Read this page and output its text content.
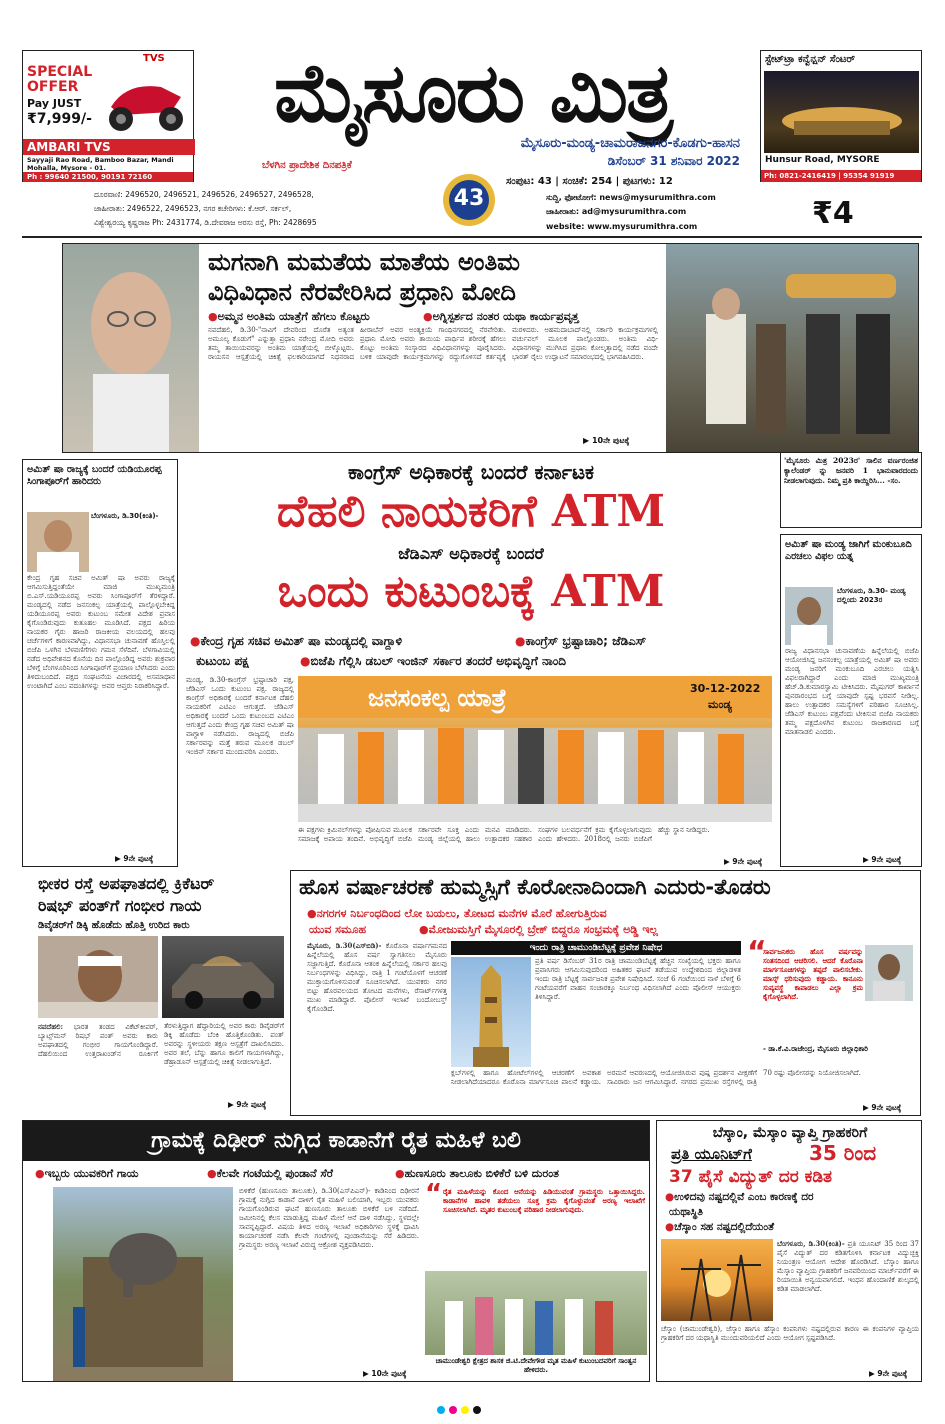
TVS
SPECIAL OFFER
Pay JUST
₹7,999/-
AMBARI TVS
Sayyaji Rao Road, Bamboo Bazar, Mandi Mohalla, Mysore - 01.
Ph : 99640 21500, 90191 72160
ಮೈಸೂರು ಮಿತ್ರ
ಮೈಸೂರು-ಮಂಡ್ಯ-ಚಾಮರಾಜನಗರ-ಕೊಡಗು-ಹಾಸನ
ಡಿಸೆಂಬರ್ 31 ಶನಿವಾರ 2022
ಬೆಳಗಿನ ಪ್ರಾದೇಶಿಕ ದಿನಪತ್ರಿಕೆ
43
ಸಂಪುಟ: 43 | ಸಂಚಿಕೆ: 254 | ಪುಟಗಳು: 12
ಸ್ಟೇಟ್‌ಟ್ರಾ ಕನ್ವೆನ್ಷನ್ ಸೆಂಟರ್
Hunsur Road, MYSORE
Ph: 0821-2416419 | 95354 91919
ದೂರವಾಣಿ: 2496520, 2496521, 2496526, 2496527, 2496528,
ಜಾಹೀರಾತು: 2496522, 2496523, ನಗರ ಕಚೇರಿಗಳು: ಕೆ.ಆರ್. ಸರ್ಕಲ್,
ವಿಶ್ವೇಶ್ವರಯ್ಯ ಕೃಷ್ಣರಾಜ Ph: 2431774, ಡಿ.ದೇವರಾಜ ಅರಸು ರಸ್ತೆ, Ph: 2428695
ಸುದ್ದಿ, ಫೋಟೋಗೆ: news@mysurumithra.com
ಜಾಹೀರಾತು: ad@mysurumithra.com
website: www.mysurumithra.com	₹4
ಮಗನಾಗಿ ಮಮತೆಯ ಮಾತೆಯ ಅಂತಿಮ
ವಿಧಿವಿಧಾನ ನೆರವೇರಿಸಿದ ಪ್ರಧಾನಿ ಮೋದಿ
●ಅಮ್ಮನ ಅಂತಿಮ ಯಾತ್ರೆಗೆ ಹೆಗಲು ಕೊಟ್ಟರು	●ಅಗ್ನಿಸ್ಪರ್ಶದ ನಂತರ ಯಥಾ ಕಾರ್ಯಪ್ರವೃತ್ತ
ನವದೆಹಲಿ, ಡಿ.30-"ನಾವಿಗೆ ದೇವರಿಂದ ದೊರೆತ ಅತ್ಯಂತ ಅಮೂಲ್ಯ ಕೊಡುಗೆ" ಎನ್ನುತ್ತಾ ಪ್ರಧಾನಿ ನರೇಂದ್ರ ಮೋದಿ ಅವರು ತಮ್ಮ ತಾಯಿಯವರನ್ನು ಅಂತಿಮ ಯಾತ್ರೆಯಲ್ಲಿ ಬೀಳ್ಕೊಟ್ಟರು. ರಾಯಸನ ಆಸ್ಪತ್ರೆಯಲ್ಲಿ ಚಿಕಿತ್ಸೆ ಫಲಕಾರಿಯಾಗದೆ ನಿಧನರಾದ ಹೀರಾಬೆನ್ ಅವರ ಅಂತ್ಯಕ್ರಿಯೆ ಗಾಂಧಿನಗರದಲ್ಲಿ ನೆರವೇರಿತು. ಪ್ರಧಾನಿ ಮೋದಿ ಅವರು ತಾಯಿಯ ಪಾರ್ಥಿವ ಶರೀರಕ್ಕೆ ಹೆಗಲು ಕೊಟ್ಟು ಅಂತಿಮ ಸಂಸ್ಕಾರದ ವಿಧಿವಿಧಾನಗಳನ್ನು ಪೂರೈಸಿದರು. ಬಳಿಕ ಯಾವುದೇ ಕಾರ್ಯಕ್ರಮಗಳನ್ನು ರದ್ದುಗೊಳಿಸದೆ ಕರ್ತವ್ಯಕ್ಕೆ ಮರಳಿದರು. ಅಹಮದಾಬಾದ್‌ನಲ್ಲಿ ಸರ್ಕಾರಿ ಕಾರ್ಯಕ್ರಮಗಳಲ್ಲಿ ವರ್ಚುವಲ್ ಮೂಲಕ ಪಾಲ್ಗೊಂಡರು. ಅಂತಿಮ ವಿಧಿ-ವಿಧಾನಗಳನ್ನು ಮುಗಿಸಿದ ಪ್ರಧಾನಿ ಕೋಲ್ಕತ್ತಾದಲ್ಲಿ ನಡೆದ ವಂದೇ ಭಾರತ್ ರೈಲು ಉದ್ಘಾಟನೆ ಸಮಾರಂಭದಲ್ಲಿ ಭಾಗವಹಿಸಿದರು.
▶ 10ನೇ ಪುಟಕ್ಕೆ
ಅಮಿತ್ ಷಾ ರಾಜ್ಯಕ್ಕೆ ಬಂದರೆ ಯಡಿಯೂರಪ್ಪ ಸಿಂಗಾಪೂರ್‌ಗೆ ಹಾರಿದರು
ಬೆಂಗಳೂರು, ಡಿ.30(ಕಿಂತಿ)-
ಕೇಂದ್ರ ಗೃಹ ಸಚಿವ ಅಮಿತ್ ಷಾ ಅವರು ರಾಜ್ಯಕ್ಕೆ ಆಗಮಿಸುತ್ತಿದ್ದಂತೆಯೇ ಮಾಜಿ ಮುಖ್ಯಮಂತ್ರಿ ಬಿ.ಎಸ್.ಯಡಿಯೂರಪ್ಪ ಅವರು ಸಿಂಗಾಪೂರ್‌ಗೆ ತೆರಳಿದ್ದಾರೆ. ಮಂಡ್ಯದಲ್ಲಿ ನಡೆದ ಜನಸಂಕಲ್ಪ ಯಾತ್ರೆಯಲ್ಲಿ ಪಾಲ್ಗೊಳ್ಳಬೇಕಿದ್ದ ಯಡಿಯೂರಪ್ಪ ಅವರು ಕುಟುಂಬ ಸಮೇತ ವಿದೇಶ ಪ್ರವಾಸ ಕೈಗೊಂಡಿರುವುದು ಕುತೂಹಲ ಮೂಡಿಸಿದೆ. ಪಕ್ಷದ ಹಿರಿಯ ನಾಯಕರ ಗೈರು ಹಾಜರಿ ರಾಜಕೀಯ ವಲಯದಲ್ಲಿ ಹಲವು ಚರ್ಚೆಗಳಿಗೆ ಕಾರಣವಾಗಿದ್ದು, ವಿಧಾನಸಭಾ ಚುನಾವಣೆ ಹೊಸ್ತಿಲಲ್ಲಿ ಬಿಜೆಪಿ ಒಳಗಿನ ಬೆಳವಣಿಗೆಗಳು ಗಮನ ಸೆಳೆದಿವೆ. ಬೆಳಗಾವಿಯಲ್ಲಿ ನಡೆದ ಅಧಿವೇಶನದ ಕೊನೆಯ ದಿನ ಪಾಲ್ಗೊಂಡಿದ್ದ ಅವರು ಶುಕ್ರವಾರ ಬೆಳಿಗ್ಗೆ ಬೆಂಗಳೂರಿನಿಂದ ಸಿಂಗಾಪೂರ್‌ಗೆ ಪ್ರಯಾಣ ಬೆಳೆಸಿದರು ಎಂದು ತಿಳಿದುಬಂದಿದೆ. ಪಕ್ಷದ ಸಂಘಟನೆಯ ವಿಚಾರದಲ್ಲಿ ಅಸಮಾಧಾನ ಉಂಟಾಗಿದೆ ಎಂಬ ವದಂತಿಗಳನ್ನು ಅವರ ಆಪ್ತರು ನಿರಾಕರಿಸಿದ್ದಾರೆ.
▶ 9ನೇ ಪುಟಕ್ಕೆ
ಕಾಂಗ್ರೆಸ್ ಅಧಿಕಾರಕ್ಕೆ ಬಂದರೆ ಕರ್ನಾಟಕ
ದೆಹಲಿ ನಾಯಕರಿಗೆ ATM
ಜೆಡಿಎಸ್ ಅಧಿಕಾರಕ್ಕೆ ಬಂದರೆ
ಒಂದು ಕುಟುಂಬಕ್ಕೆ ATM
●ಕೇಂದ್ರ ಗೃಹ ಸಚಿವ ಅಮಿತ್ ಷಾ ಮಂಡ್ಯದಲ್ಲಿ ವಾಗ್ದಾಳಿ	●ಕಾಂಗ್ರೆಸ್ ಭ್ರಷ್ಟಾಚಾರಿ; ಜೆಡಿಎಸ್
ಕುಟುಂಬ ಪಕ್ಷ	●ಬಿಜೆಪಿ ಗೆಲ್ಲಿಸಿ ಡಬಲ್ ಇಂಜಿನ್ ಸರ್ಕಾರ ತಂದರೆ ಅಭಿವೃದ್ಧಿಗೆ ನಾಂದಿ
ಮಂಡ್ಯ, ಡಿ.30-ಕಾಂಗ್ರೆಸ್ ಭ್ರಷ್ಟಾಚಾರಿ ಪಕ್ಷ, ಜೆಡಿಎಸ್ ಒಂದು ಕುಟುಂಬ ಪಕ್ಷ. ರಾಜ್ಯದಲ್ಲಿ ಕಾಂಗ್ರೆಸ್ ಅಧಿಕಾರಕ್ಕೆ ಬಂದರೆ ಕರ್ನಾಟಕ ದೆಹಲಿ ನಾಯಕರಿಗೆ ಎಟಿಎಂ ಆಗುತ್ತದೆ. ಜೆಡಿಎಸ್ ಅಧಿಕಾರಕ್ಕೆ ಬಂದರೆ ಒಂದು ಕುಟುಂಬದ ಎಟಿಎಂ ಆಗುತ್ತದೆ ಎಂದು ಕೇಂದ್ರ ಗೃಹ ಸಚಿವ ಅಮಿತ್ ಷಾ ವಾಗ್ದಾಳಿ ನಡೆಸಿದರು. ರಾಜ್ಯದಲ್ಲಿ ಬಿಜೆಪಿ ಸರ್ಕಾರವನ್ನು ಮತ್ತೆ ತರುವ ಮೂಲಕ ಡಬಲ್ ಇಂಜಿನ್ ಸರ್ಕಾರ ಮುಂದುವರಿಸಿ ಎಂದರು.
ಜನಸಂಕಲ್ಪ ಯಾತ್ರೆ	30-12-2022
ಮಂಡ್ಯ
ಈ ಪಕ್ಷಗಳು ಕ್ರಿಮಿನಲ್‌ಗಳನ್ನು ಪೋಷಿಸುವ ಮೂಲಕ ಸಮಾಜಕ್ಕೆ ಅಪಾಯ ತಂದಿವೆ. ಅಭಿವೃದ್ಧಿಗೆ ಬಿಜೆಪಿ ಸರ್ಕಾರವೇ ಸೂಕ್ತ ಎಂದು ಮನವಿ ಮಾಡಿದರು. ಮಂಡ್ಯ ಜಿಲ್ಲೆಯಲ್ಲಿ ಹಾಲು ಉತ್ಪಾದಕರ ಸಹಕಾರ ಸಂಘಗಳ ಬಲವರ್ಧನೆಗೆ ಕ್ರಮ ಕೈಗೊಳ್ಳಲಾಗುವುದು ಎಂದು ಹೇಳಿದರು. 2018ರಲ್ಲಿ ಜನರು ಬಿಜೆಪಿಗೆ ಹೆಚ್ಚು ಸ್ಥಾನ ನೀಡಿದ್ದರು.
▶ 9ನೇ ಪುಟಕ್ಕೆ
'ಮೈಸೂರು ಮಿತ್ರ 2023ರ' ಸಾಲಿನ ವರ್ಣರಂಜಿತ ಕ್ಯಾಲೆಂಡರ್ ನ್ನು ಜನವರಿ 1 ಭಾನುವಾರದಂದು ನೀಡಲಾಗುವುದು. ನಿಮ್ಮ ಪ್ರತಿ ಕಾಯ್ದಿರಿಸಿ... -ಸಂ.
ಅಮಿತ್ ಷಾ ಮಂಡ್ಯ ಜಾಗಿಗೆ ಮಂಕುಬೂದಿ ಎರಚಲು ವಿಫಲ ಯತ್ನ
ಬೆಂಗಳೂರು, ಡಿ.30- ಮಂಡ್ಯ ದಲ್ಲಿಂದು 2023ರ
ರಾಜ್ಯ ವಿಧಾನಸಭಾ ಚುನಾವಣೆಯ ಹಿನ್ನೆಲೆಯಲ್ಲಿ ಬಿಜೆಪಿ ಆಯೋಜಿಸಿದ್ದ ಜನಸಂಕಲ್ಪ ಯಾತ್ರೆಯಲ್ಲಿ ಅಮಿತ್ ಷಾ ಅವರು ಮಂಡ್ಯ ಜನರಿಗೆ ಮಂಕುಬೂದಿ ಎರಚಲು ಯತ್ನಿಸಿ ವಿಫಲರಾಗಿದ್ದಾರೆ ಎಂದು ಮಾಜಿ ಮುಖ್ಯಮಂತ್ರಿ ಹೆಚ್.ಡಿ.ಕುಮಾರಸ್ವಾಮಿ ಟೀಕಿಸಿದರು. ಮೈಷುಗರ್ ಕಾರ್ಖಾನೆ ಪುನರಾರಂಭದ ಬಗ್ಗೆ ಯಾವುದೇ ಸ್ಪಷ್ಟ ಭರವಸೆ ನೀಡಿಲ್ಲ. ಹಾಲು ಉತ್ಪಾದಕರ ಸಮಸ್ಯೆಗಳಿಗೆ ಪರಿಹಾರ ಸೂಚಿಸಿಲ್ಲ. ಜೆಡಿಎಸ್ ಕುಟುಂಬ ಪಕ್ಷವೆಂದು ಟೀಕಿಸುವ ಬಿಜೆಪಿ ನಾಯಕರು ತಮ್ಮ ಪಕ್ಷದೊಳಗಿನ ಕುಟುಂಬ ರಾಜಕಾರಣದ ಬಗ್ಗೆ ಮಾತನಾಡಲಿ ಎಂದರು.
▶ 9ನೇ ಪುಟಕ್ಕೆ
ಭೀಕರ ರಸ್ತೆ ಅಪಘಾತದಲ್ಲಿ ಕ್ರಿಕೆಟರ್
ರಿಷಭ್ ಪಂತ್‌ಗೆ ಗಂಭೀರ ಗಾಯ
ಡಿವೈಡರ್‌ಗೆ ಡಿಕ್ಕಿ ಹೊಡೆದು ಹೊತ್ತಿ ಉರಿದ ಕಾರು
ನವದೆಹಲಿ: ಭಾರತ ತಂಡದ ವಿಕೆಟ್‌ಕೀಪರ್, ಬ್ಯಾಟ್ಸ್‌ಮನ್ ರಿಷಭ್ ಪಂತ್ ಅವರು ಕಾರು ಅಪಘಾತದಲ್ಲಿ ಗಂಭೀರ ಗಾಯಗೊಂಡಿದ್ದಾರೆ. ದೆಹಲಿಯಿಂದ ಉತ್ತರಾಖಂಡ್‌ನ ರೂರ್ಕಿಗೆ ತೆರಳುತ್ತಿದ್ದಾಗ ಹೆದ್ದಾರಿಯಲ್ಲಿ ಅವರ ಕಾರು ಡಿವೈಡರ್‌ಗೆ ಡಿಕ್ಕಿ ಹೊಡೆದು ಬೆಂಕಿ ಹೊತ್ತಿಕೊಂಡಿತು. ಪಂತ್ ಅವರನ್ನು ಸ್ಥಳೀಯರು ತಕ್ಷಣ ಆಸ್ಪತ್ರೆಗೆ ದಾಖಲಿಸಿದರು. ಅವರ ತಲೆ, ಬೆನ್ನು ಹಾಗೂ ಕಾಲಿಗೆ ಗಾಯಗಳಾಗಿದ್ದು, ಡೆಹ್ರಾಡೂನ್ ಆಸ್ಪತ್ರೆಯಲ್ಲಿ ಚಿಕಿತ್ಸೆ ನೀಡಲಾಗುತ್ತಿದೆ.
▶ 9ನೇ ಪುಟಕ್ಕೆ
ಹೊಸ ವರ್ಷಾಚರಣೆ ಹುಮ್ಮಸ್ಸಿಗೆ ಕೊರೋನಾದಿಂದಾಗಿ ಎದುರು-ತೊಡರು
●ನಗರಗಳ ನಿರ್ಬಂಧದಿಂದ ಲೋ ಬಯಲು, ತೋಟದ ಮನೆಗಳ ಮೊರೆ ಹೋಗುತ್ತಿರುವ
ಯುವ ಸಮೂಹ	●ಮೋಜುಮಸ್ತಿಗೆ ಮೈಸೂರಲ್ಲಿ ಬ್ರೇಕ್ ಬಿದ್ದರೂ ಸಂಭ್ರಮಕ್ಕೆ ಅಡ್ಡಿ ಇಲ್ಲ
ಮೈಸೂರು, ಡಿ.30(ಎಸ್‌ಬಿಡಿ)- ಕೊರೊನಾ ವರ್ಷಾಗಮನದ ಹಿನ್ನೆಲೆಯಲ್ಲಿ ಹೊಸ ವರ್ಷ ಸ್ವಾಗತಿಸಲು ಮೈಸೂರು ಸಜ್ಜಾಗುತ್ತಿದೆ. ಕೊರೊನಾ ಆತಂಕ ಹಿನ್ನೆಲೆಯಲ್ಲಿ ಸರ್ಕಾರ ಹಲವು ನಿರ್ಬಂಧಗಳನ್ನು ವಿಧಿಸಿದ್ದು, ರಾತ್ರಿ 1 ಗಂಟೆಯೊಳಗೆ ಆಚರಣೆ ಮುಕ್ತಾಯಗೊಳಿಸುವಂತೆ ಸೂಚಿಸಲಾಗಿದೆ. ಯುವಕರು ನಗರ ಬಿಟ್ಟು ಹೊರವಲಯದ ತೋಟದ ಮನೆಗಳು, ರೆಸಾರ್ಟ್‌ಗಳತ್ತ ಮುಖ ಮಾಡಿದ್ದಾರೆ. ಪೊಲೀಸ್ ಇಲಾಖೆ ಬಂದೋಬಸ್ತ್ ಕೈಗೊಂಡಿದೆ.
ಇಂದು ರಾತ್ರಿ ಚಾಮುಂಡಿಬೆಟ್ಟಕ್ಕೆ ಪ್ರವೇಶ ನಿಷೇಧ
ಪ್ರತಿ ವರ್ಷ ಡಿಸೆಂಬರ್ 31ರ ರಾತ್ರಿ ಚಾಮುಂಡಿಬೆಟ್ಟಕ್ಕೆ ಹೆಚ್ಚಿನ ಸಂಖ್ಯೆಯಲ್ಲಿ ಭಕ್ತರು ಹಾಗೂ ಪ್ರವಾಸಿಗರು ಆಗಮಿಸುವುದರಿಂದ ಅಹಿತಕರ ಘಟನೆ ತಡೆಯುವ ಉದ್ದೇಶದಿಂದ ಜಿಲ್ಲಾಡಳಿತ ಇಂದು ರಾತ್ರಿ ಬೆಟ್ಟಕ್ಕೆ ಸಾರ್ವಜನಿಕ ಪ್ರವೇಶ ನಿಷೇಧಿಸಿದೆ. ಸಂಜೆ 6 ಗಂಟೆಯಿಂದ ನಾಳೆ ಬೆಳಿಗ್ಗೆ 6 ಗಂಟೆಯವರೆಗೆ ವಾಹನ ಸಂಚಾರಕ್ಕೂ ನಿರ್ಬಂಧ ವಿಧಿಸಲಾಗಿದೆ ಎಂದು ಪೊಲೀಸ್ ಆಯುಕ್ತರು ತಿಳಿಸಿದ್ದಾರೆ.
ಕ್ಲಬ್‌ಗಳಲ್ಲಿ ಹಾಗೂ ಹೋಟೆಲ್‌ಗಳಲ್ಲಿ ಆಚರಣೆಗೆ ಅವಕಾಶ ನೀಡಲಾಗಿದೆಯಾದರೂ ಕೊರೊನಾ ಮಾರ್ಗಸೂಚಿ ಪಾಲನೆ ಕಡ್ಡಾಯ. ಅರಮನೆ ಆವರಣದಲ್ಲಿ ಆಯೋಜಿಸಿರುವ ಪುಷ್ಪ ಪ್ರದರ್ಶನ ವೀಕ್ಷಣೆಗೆ ಸಾವಿರಾರು ಜನ ಆಗಮಿಸಿದ್ದಾರೆ. ನಗರದ ಪ್ರಮುಖ ರಸ್ತೆಗಳಲ್ಲಿ ರಾತ್ರಿ 70 ರಷ್ಟು ಪೊಲೀಸರನ್ನು ನಿಯೋಜಿಸಲಾಗಿದೆ.
“
ಸಾರ್ವಜನಿಕರು ಹೊಸ ವರ್ಷವನ್ನು ಸಂತಸದಿಂದ ಆಚರಿಸಲಿ. ಆದರೆ ಕೊರೊನಾ ಮಾರ್ಗಸೂಚಿಗಳನ್ನು ತಪ್ಪದೆ ಪಾಲಿಸಬೇಕು. ಮಾಸ್ಕ್ ಧರಿಸುವುದು ಕಡ್ಡಾಯ. ಕಾನೂನು ಸುವ್ಯವಸ್ಥೆ ಕಾಪಾಡಲು ಎಲ್ಲಾ ಕ್ರಮ ಕೈಗೊಳ್ಳಲಾಗಿದೆ.
- ಡಾ.ಕೆ.ವಿ.ರಾಜೇಂದ್ರ, ಮೈಸೂರು ಜಿಲ್ಲಾಧಿಕಾರಿ
▶ 9ನೇ ಪುಟಕ್ಕೆ
ಗ್ರಾಮಕ್ಕೆ ದಿಢೀರ್ ನುಗ್ಗಿದ ಕಾಡಾನೆಗೆ ರೈತ ಮಹಿಳೆ ಬಲಿ
●ಇಬ್ಬರು ಯುವಕರಿಗೆ ಗಾಯ	●ಕೆಲವೇ ಗಂಟೆಯಲ್ಲಿ ಪುಂಡಾನೆ ಸೆರೆ	●ಹುಣಸೂರು ತಾಲೂಕು ಬಿಳಿಕೆರೆ ಬಳಿ ದುರಂತ
ಬಿಳಿಕೆರೆ (ಹುಣಸೂರು ತಾಲೂಕು), ಡಿ.30(ಎಸ್‌ಪಿಎನ್)- ಕಾಡಿನಿಂದ ದಿಢೀರನೆ ಗ್ರಾಮಕ್ಕೆ ನುಗ್ಗಿದ ಕಾಡಾನೆ ದಾಳಿಗೆ ರೈತ ಮಹಿಳೆ ಬಲಿಯಾಗಿ, ಇಬ್ಬರು ಯುವಕರು ಗಾಯಗೊಂಡಿರುವ ಘಟನೆ ಹುಣಸೂರು ತಾಲೂಕು ಬಿಳಿಕೆರೆ ಬಳಿ ನಡೆದಿದೆ. ಜಮೀನಿನಲ್ಲಿ ಕೆಲಸ ಮಾಡುತ್ತಿದ್ದ ಮಹಿಳೆ ಮೇಲೆ ಆನೆ ದಾಳಿ ನಡೆಸಿದ್ದು, ಸ್ಥಳದಲ್ಲೇ ಸಾವನ್ನಪ್ಪಿದ್ದಾರೆ. ವಿಷಯ ತಿಳಿದ ಅರಣ್ಯ ಇಲಾಖೆ ಅಧಿಕಾರಿಗಳು ಸ್ಥಳಕ್ಕೆ ಧಾವಿಸಿ ಕಾರ್ಯಾಚರಣೆ ನಡೆಸಿ ಕೆಲವೇ ಗಂಟೆಗಳಲ್ಲಿ ಪುಂಡಾನೆಯನ್ನು ಸೆರೆ ಹಿಡಿದರು. ಗ್ರಾಮಸ್ಥರು ಅರಣ್ಯ ಇಲಾಖೆ ವಿರುದ್ಧ ಆಕ್ರೋಶ ವ್ಯಕ್ತಪಡಿಸಿದರು.
▶ 10ನೇ ಪುಟಕ್ಕೆ
“ ರೈತ ಮಹಿಳೆಯನ್ನು ಕೊಂದ ಆನೆಯನ್ನು ಹಿಡಿಯುವಂತೆ ಗ್ರಾಮಸ್ಥರು ಒತ್ತಾಯಿಸಿದ್ದರು. ಕಾಡಾನೆಗಳ ಹಾವಳಿ ತಡೆಯಲು ಸೂಕ್ತ ಕ್ರಮ ಕೈಗೊಳ್ಳುವಂತೆ ಅರಣ್ಯ ಇಲಾಖೆಗೆ ಸೂಚಿಸಲಾಗಿದೆ. ಮೃತರ ಕುಟುಂಬಕ್ಕೆ ಪರಿಹಾರ ನೀಡಲಾಗುವುದು.
ಚಾಮುಂಡೇಶ್ವರಿ ಕ್ಷೇತ್ರದ ಶಾಸಕ ಜಿ.ಟಿ.ದೇವೇಗೌಡ ಮೃತ ಮಹಿಳೆ ಕುಟುಂಬದವರಿಗೆ ಸಾಂತ್ವನ ಹೇಳಿದರು.
ಬೆಸ್ಕಾಂ, ಮೆಸ್ಕಾಂ ವ್ಯಾಪ್ತಿ ಗ್ರಾಹಕರಿಗೆ
ಪ್ರತಿ ಯೂನಿಟ್‌ಗೆ	35 ರಿಂದ
37 ಪೈಸೆ ವಿದ್ಯುತ್ ದರ ಕಡಿತ
●ಉಳಿದವು ನಷ್ಟದಲ್ಲಿವೆ ಎಂಬ ಕಾರಣಕ್ಕೆ ದರ
ಯಥಾಸ್ಥಿತಿ
●ಚೆಸ್ಕಾಂ ಸಹ ನಷ್ಟದಲ್ಲಿದೆಯಂತೆ
ಬೆಂಗಳೂರು, ಡಿ.30(ಕಿಂತಿ)- ಪ್ರತಿ ಯೂನಿಟ್ 35 ರಿಂದ 37 ಪೈಸೆ ವಿದ್ಯುತ್ ದರ ಕಡಿತಗೊಳಿಸಿ ಕರ್ನಾಟಕ ವಿದ್ಯುಚ್ಛಕ್ತಿ ನಿಯಂತ್ರಣ ಆಯೋಗ ಆದೇಶ ಹೊರಡಿಸಿದೆ. ಬೆಸ್ಕಾಂ ಹಾಗೂ ಮೆಸ್ಕಾಂ ವ್ಯಾಪ್ತಿಯ ಗ್ರಾಹಕರಿಗೆ ಜನವರಿಯಿಂದ ಮಾರ್ಚ್‌ವರೆಗೆ ಈ ರಿಯಾಯಿತಿ ಅನ್ವಯವಾಗಲಿದೆ. ಇಂಧನ ಹೊಂದಾಣಿಕೆ ಶುಲ್ಕದಲ್ಲಿ ಕಡಿತ ಮಾಡಲಾಗಿದೆ.
ಚೆಸ್ಕಾಂ (ಚಾಮುಂಡೇಶ್ವರಿ), ಜೆಸ್ಕಾಂ ಹಾಗೂ ಹೆಸ್ಕಾಂ ಕಂಪನಿಗಳು ನಷ್ಟದಲ್ಲಿರುವ ಕಾರಣ ಈ ಕಂಪನಿಗಳ ವ್ಯಾಪ್ತಿಯ ಗ್ರಾಹಕರಿಗೆ ದರ ಯಥಾಸ್ಥಿತಿ ಮುಂದುವರಿಯಲಿದೆ ಎಂದು ಆಯೋಗ ಸ್ಪಷ್ಟಪಡಿಸಿದೆ.
▶ 9ನೇ ಪುಟಕ್ಕೆ
